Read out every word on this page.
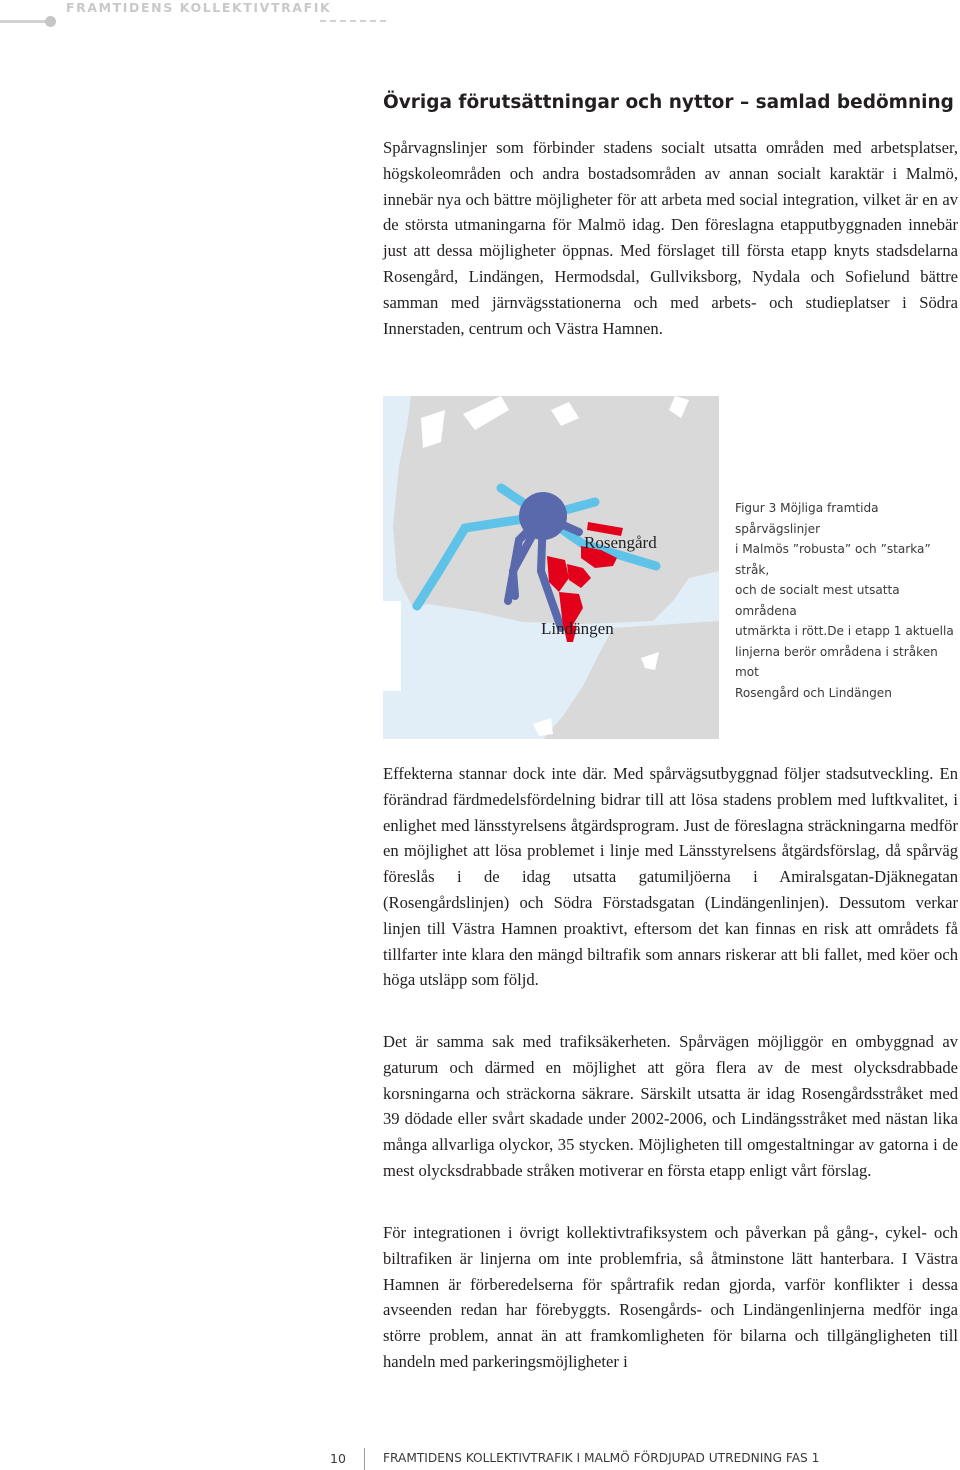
FRAMTIDENS KOLLEKTIVTRAFIK
Övriga förutsättningar och nyttor – samlad bedömning

Spårvagnslinjer som förbinder stadens socialt utsatta områden med arbetsplatser, högskoleområden och andra bostadsområden av annan socialt karaktär i Malmö, innebär nya och bättre möjligheter för att arbeta med social integration, vilket är en av de största utmaningarna för Malmö idag. Den föreslagna etapputbyggnaden innebär just att dessa möjligheter öppnas. Med förslaget till första etapp knyts stadsdelarna Rosengård, Lindängen, Hermodsdal, Gullviksborg, Nydala och Sofielund bättre samman med järnvägsstationerna och med arbets- och studieplatser i Södra Innerstaden, centrum och Västra Hamnen.

Rosengård
Lindängen

Figur 3 Möjliga framtida spårvägslinjer
i Malmös ”robusta” och ”starka” stråk,
och de socialt mest utsatta områdena
utmärkta i rött.De i etapp 1 aktuella
linjerna berör områdena i stråken mot
Rosengård och Lindängen

Effekterna stannar dock inte där. Med spårvägsutbyggnad följer stadsutveckling. En förändrad färdmedelsfördelning bidrar till att lösa stadens problem med luftkvalitet, i enlighet med länsstyrelsens åtgärdsprogram. Just de föreslagna sträckningarna medför en möjlighet att lösa problemet i linje med Länsstyrelsens åtgärdsförslag, då spårväg föreslås i de idag utsatta gatumiljöerna i Amiralsgatan-Djäknegatan (Rosengårdslinjen) och Södra Förstadsgatan (Lindängenlinjen). Dessutom verkar linjen till Västra Hamnen proaktivt, eftersom det kan finnas en risk att områdets få tillfarter inte klara den mängd biltrafik som annars riskerar att bli fallet, med köer och höga utsläpp som följd.

Det är samma sak med trafiksäkerheten. Spårvägen möjliggör en ombyggnad av gaturum och därmed en möjlighet att göra flera av de mest olycksdrabbade korsningarna och sträckorna säkrare. Särskilt utsatta är idag Rosengårdsstråket med 39 dödade eller svårt skadade under 2002-2006, och Lindängsstråket med nästan lika många allvarliga olyckor, 35 stycken. Möjligheten till omgestaltningar av gatorna i de mest olycksdrabbade stråken motiverar en första etapp enligt vårt förslag.

För integrationen i övrigt kollektivtrafiksystem och påverkan på gång-, cykel- och biltrafiken är linjerna om inte problemfria, så åtminstone lätt hanterbara. I Västra Hamnen är förberedelserna för spårtrafik redan gjorda, varför konflikter i dessa avseenden redan har förebyggts. Rosengårds- och Lindängenlinjerna medför inga större problem, annat än att framkomligheten för bilarna och tillgängligheten till handeln med parkeringsmöjligheter i

10	FRAMTIDENS KOLLEKTIVTRAFIK I MALMÖ FÖRDJUPAD UTREDNING FAS 1
